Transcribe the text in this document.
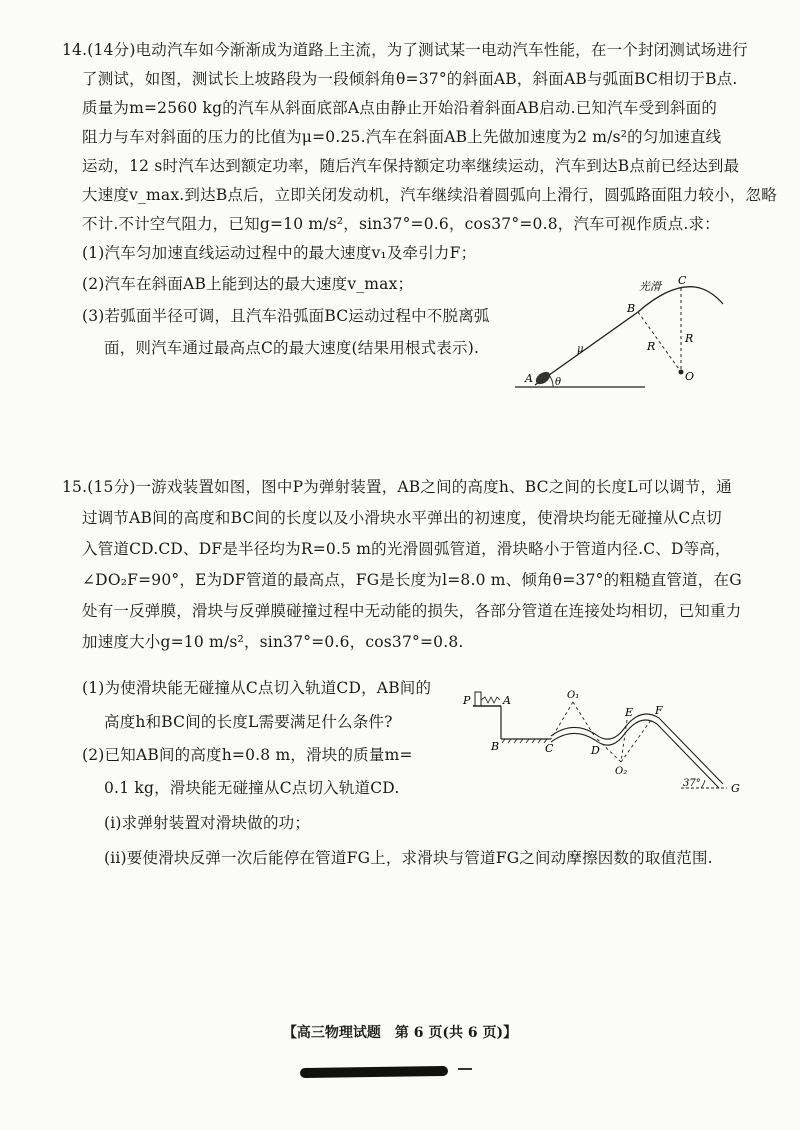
14.(14分)电动汽车如今渐渐成为道路上主流，为了测试某一电动汽车性能，在一个封闭测试场进行
了测试，如图，测试长上坡路段为一段倾斜角θ=37°的斜面AB，斜面AB与弧面BC相切于B点.
质量为m=2560 kg的汽车从斜面底部A点由静止开始沿着斜面AB启动.已知汽车受到斜面的
阻力与车对斜面的压力的比值为μ=0.25.汽车在斜面AB上先做加速度为2 m/s²的匀加速直线
运动，12 s时汽车达到额定功率，随后汽车保持额定功率继续运动，汽车到达B点前已经达到最
大速度v_max.到达B点后，立即关闭发动机，汽车继续沿着圆弧向上滑行，圆弧路面阻力较小，忽略
不计.不计空气阻力，已知g=10 m/s²，sin37°=0.6，cos37°=0.8，汽车可视作质点.求：
(1)汽车匀加速直线运动过程中的最大速度v₁及牵引力F；
(2)汽车在斜面AB上能到达的最大速度v_max；
(3)若弧面半径可调，且汽车沿弧面BC运动过程中不脱离弧
面，则汽车通过最高点C的最大速度(结果用根式表示).
光滑 C
B
A θ
μ	R
R
O
15.(15分)一游戏装置如图，图中P为弹射装置，AB之间的高度h、BC之间的长度L可以调节，通
过调节AB间的高度和BC间的长度以及小滑块水平弹出的初速度，使滑块均能无碰撞从C点切
入管道CD.CD、DF是半径均为R=0.5 m的光滑圆弧管道，滑块略小于管道内径.C、D等高，
∠DO₂F=90°，E为DF管道的最高点，FG是长度为l=8.0 m、倾角θ=37°的粗糙直管道，在G
处有一反弹膜，滑块与反弹膜碰撞过程中无动能的损失，各部分管道在连接处均相切，已知重力
加速度大小g=10 m/s²，sin37°=0.6，cos37°=0.8.
(1)为使滑块能无碰撞从C点切入轨道CD，AB间的
高度h和BC间的长度L需要满足什么条件?
(2)已知AB间的高度h=0.8 m，滑块的质量m=
0.1 kg，滑块能无碰撞从C点切入轨道CD.
(i)求弹射装置对滑块做的功；
(ii)要使滑块反弹一次后能停在管道FG上，求滑块与管道FG之间动摩擦因数的取值范围.
P	A
B	C	D
E F
G
O₁
O₂
37°
【高三物理试题　第 6 页(共 6 页)】
